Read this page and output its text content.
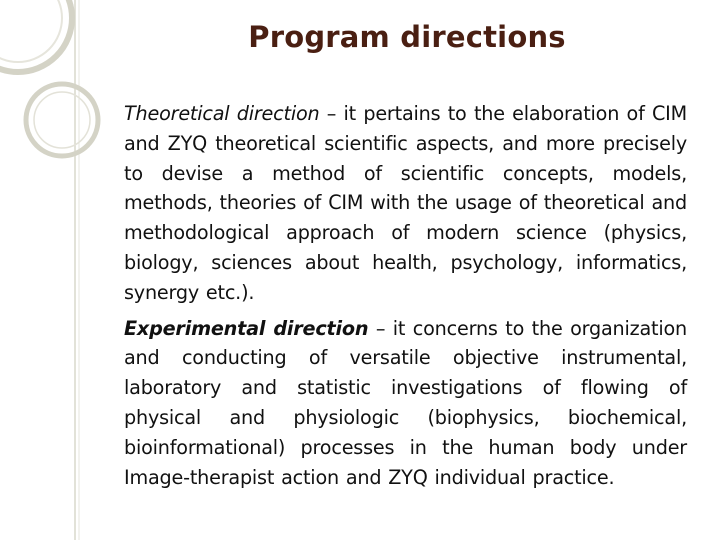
Program directions

Theoretical direction – it pertains to the elaboration of CIM and ZYQ theoretical scientific aspects, and more precisely to devise a method of scientific concepts, models, methods, theories of CIM with the usage of theoretical and methodological approach of modern science (physics, biology, sciences about health, psychology, informatics, synergy etc.).

Experimental direction – it concerns to the organization and conducting of versatile objective instrumental, laboratory and statistic investigations of flowing of physical and physiologic (biophysics, biochemical, bioinformational) processes in the human body under Image-therapist action and ZYQ individual practice.
